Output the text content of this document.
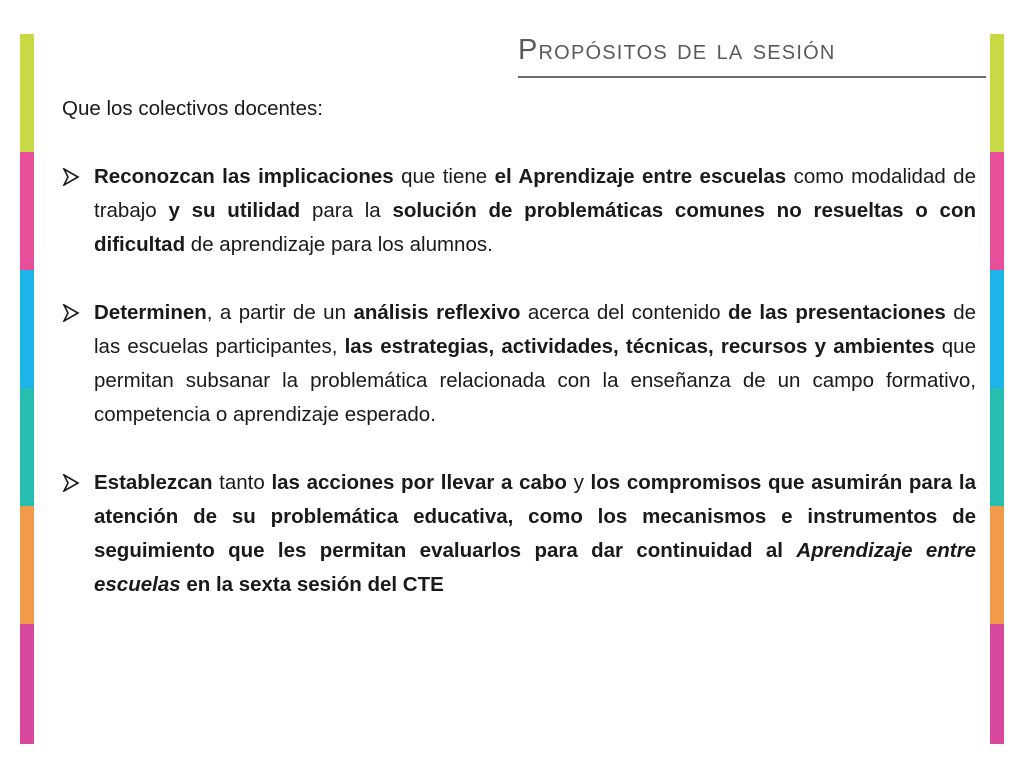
Propósitos de la sesión

Que los colectivos docentes:

Reconozcan las implicaciones que tiene el Aprendizaje entre escuelas como modalidad de trabajo y su utilidad para la solución de problemáticas comunes no resueltas o con dificultad de aprendizaje para los alumnos.
Determinen, a partir de un análisis reflexivo acerca del contenido de las presentaciones de las escuelas participantes, las estrategias, actividades, técnicas, recursos y ambientes que permitan subsanar la problemática relacionada con la enseñanza de un campo formativo, competencia o aprendizaje esperado.
Establezcan tanto las acciones por llevar a cabo y los compromisos que asumirán para la atención de su problemática educativa, como los mecanismos e instrumentos de seguimiento que les permitan evaluarlos para dar continuidad al Aprendizaje entre escuelas en la sexta sesión del CTE
